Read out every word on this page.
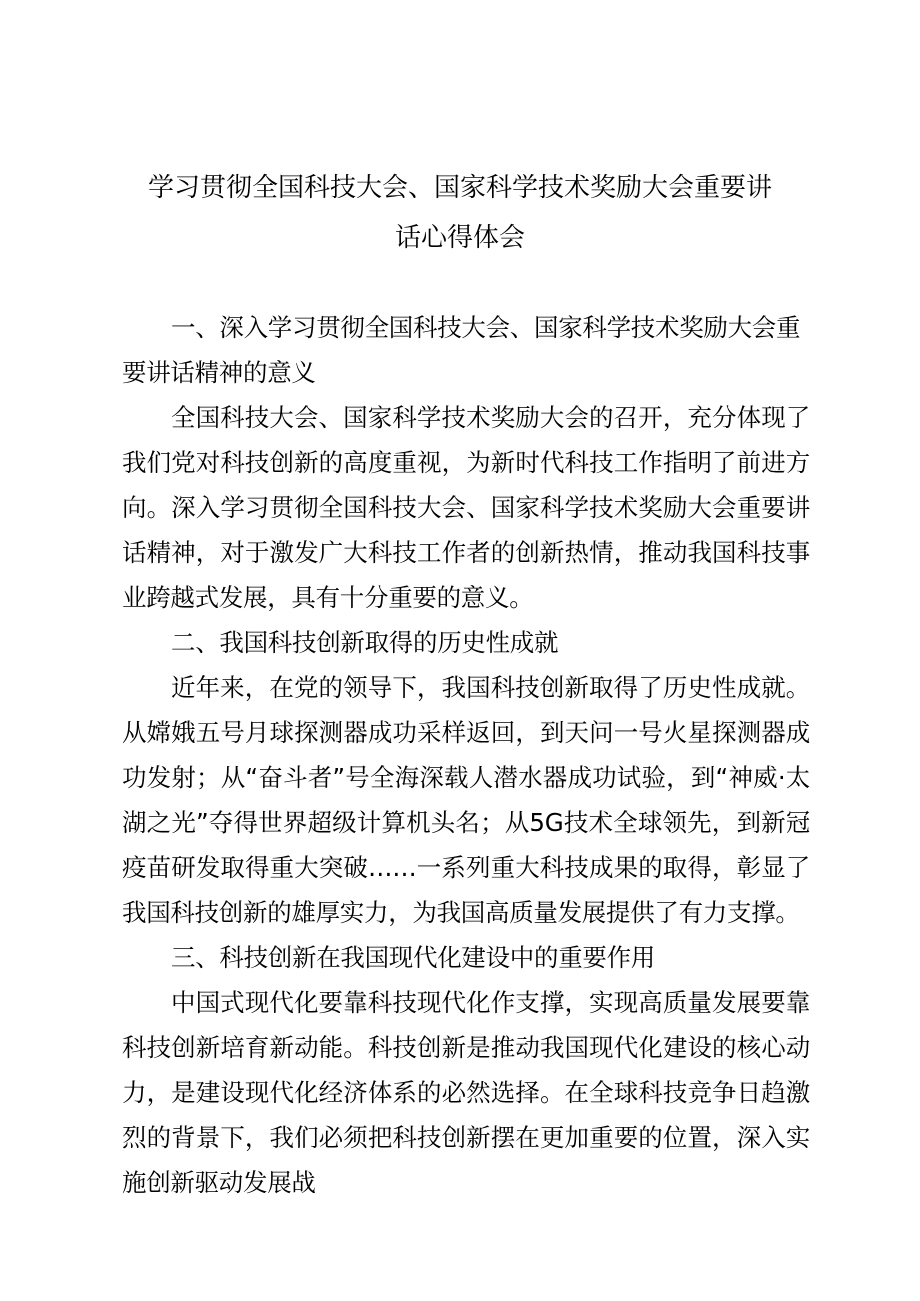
学习贯彻全国科技大会、国家科学技术奖励大会重要讲
话心得体会

一、深入学习贯彻全国科技大会、国家科学技术奖励大会重要讲话精神的意义

全国科技大会、国家科学技术奖励大会的召开，充分体现了我们党对科技创新的高度重视，为新时代科技工作指明了前进方向。深入学习贯彻全国科技大会、国家科学技术奖励大会重要讲话精神，对于激发广大科技工作者的创新热情，推动我国科技事业跨越式发展，具有十分重要的意义。

二、我国科技创新取得的历史性成就

近年来，在党的领导下，我国科技创新取得了历史性成就。从嫦娥五号月球探测器成功采样返回，到天问一号火星探测器成功发射；从“奋斗者”号全海深载人潜水器成功试验，到“神威·太湖之光”夺得世界超级计算机头名；从5G技术全球领先，到新冠疫苗研发取得重大突破……一系列重大科技成果的取得，彰显了我国科技创新的雄厚实力，为我国高质量发展提供了有力支撑。

三、科技创新在我国现代化建设中的重要作用

中国式现代化要靠科技现代化作支撑，实现高质量发展要靠科技创新培育新动能。科技创新是推动我国现代化建设的核心动力，是建设现代化经济体系的必然选择。在全球科技竞争日趋激烈的背景下，我们必须把科技创新摆在更加重要的位置，深入实施创新驱动发展战
